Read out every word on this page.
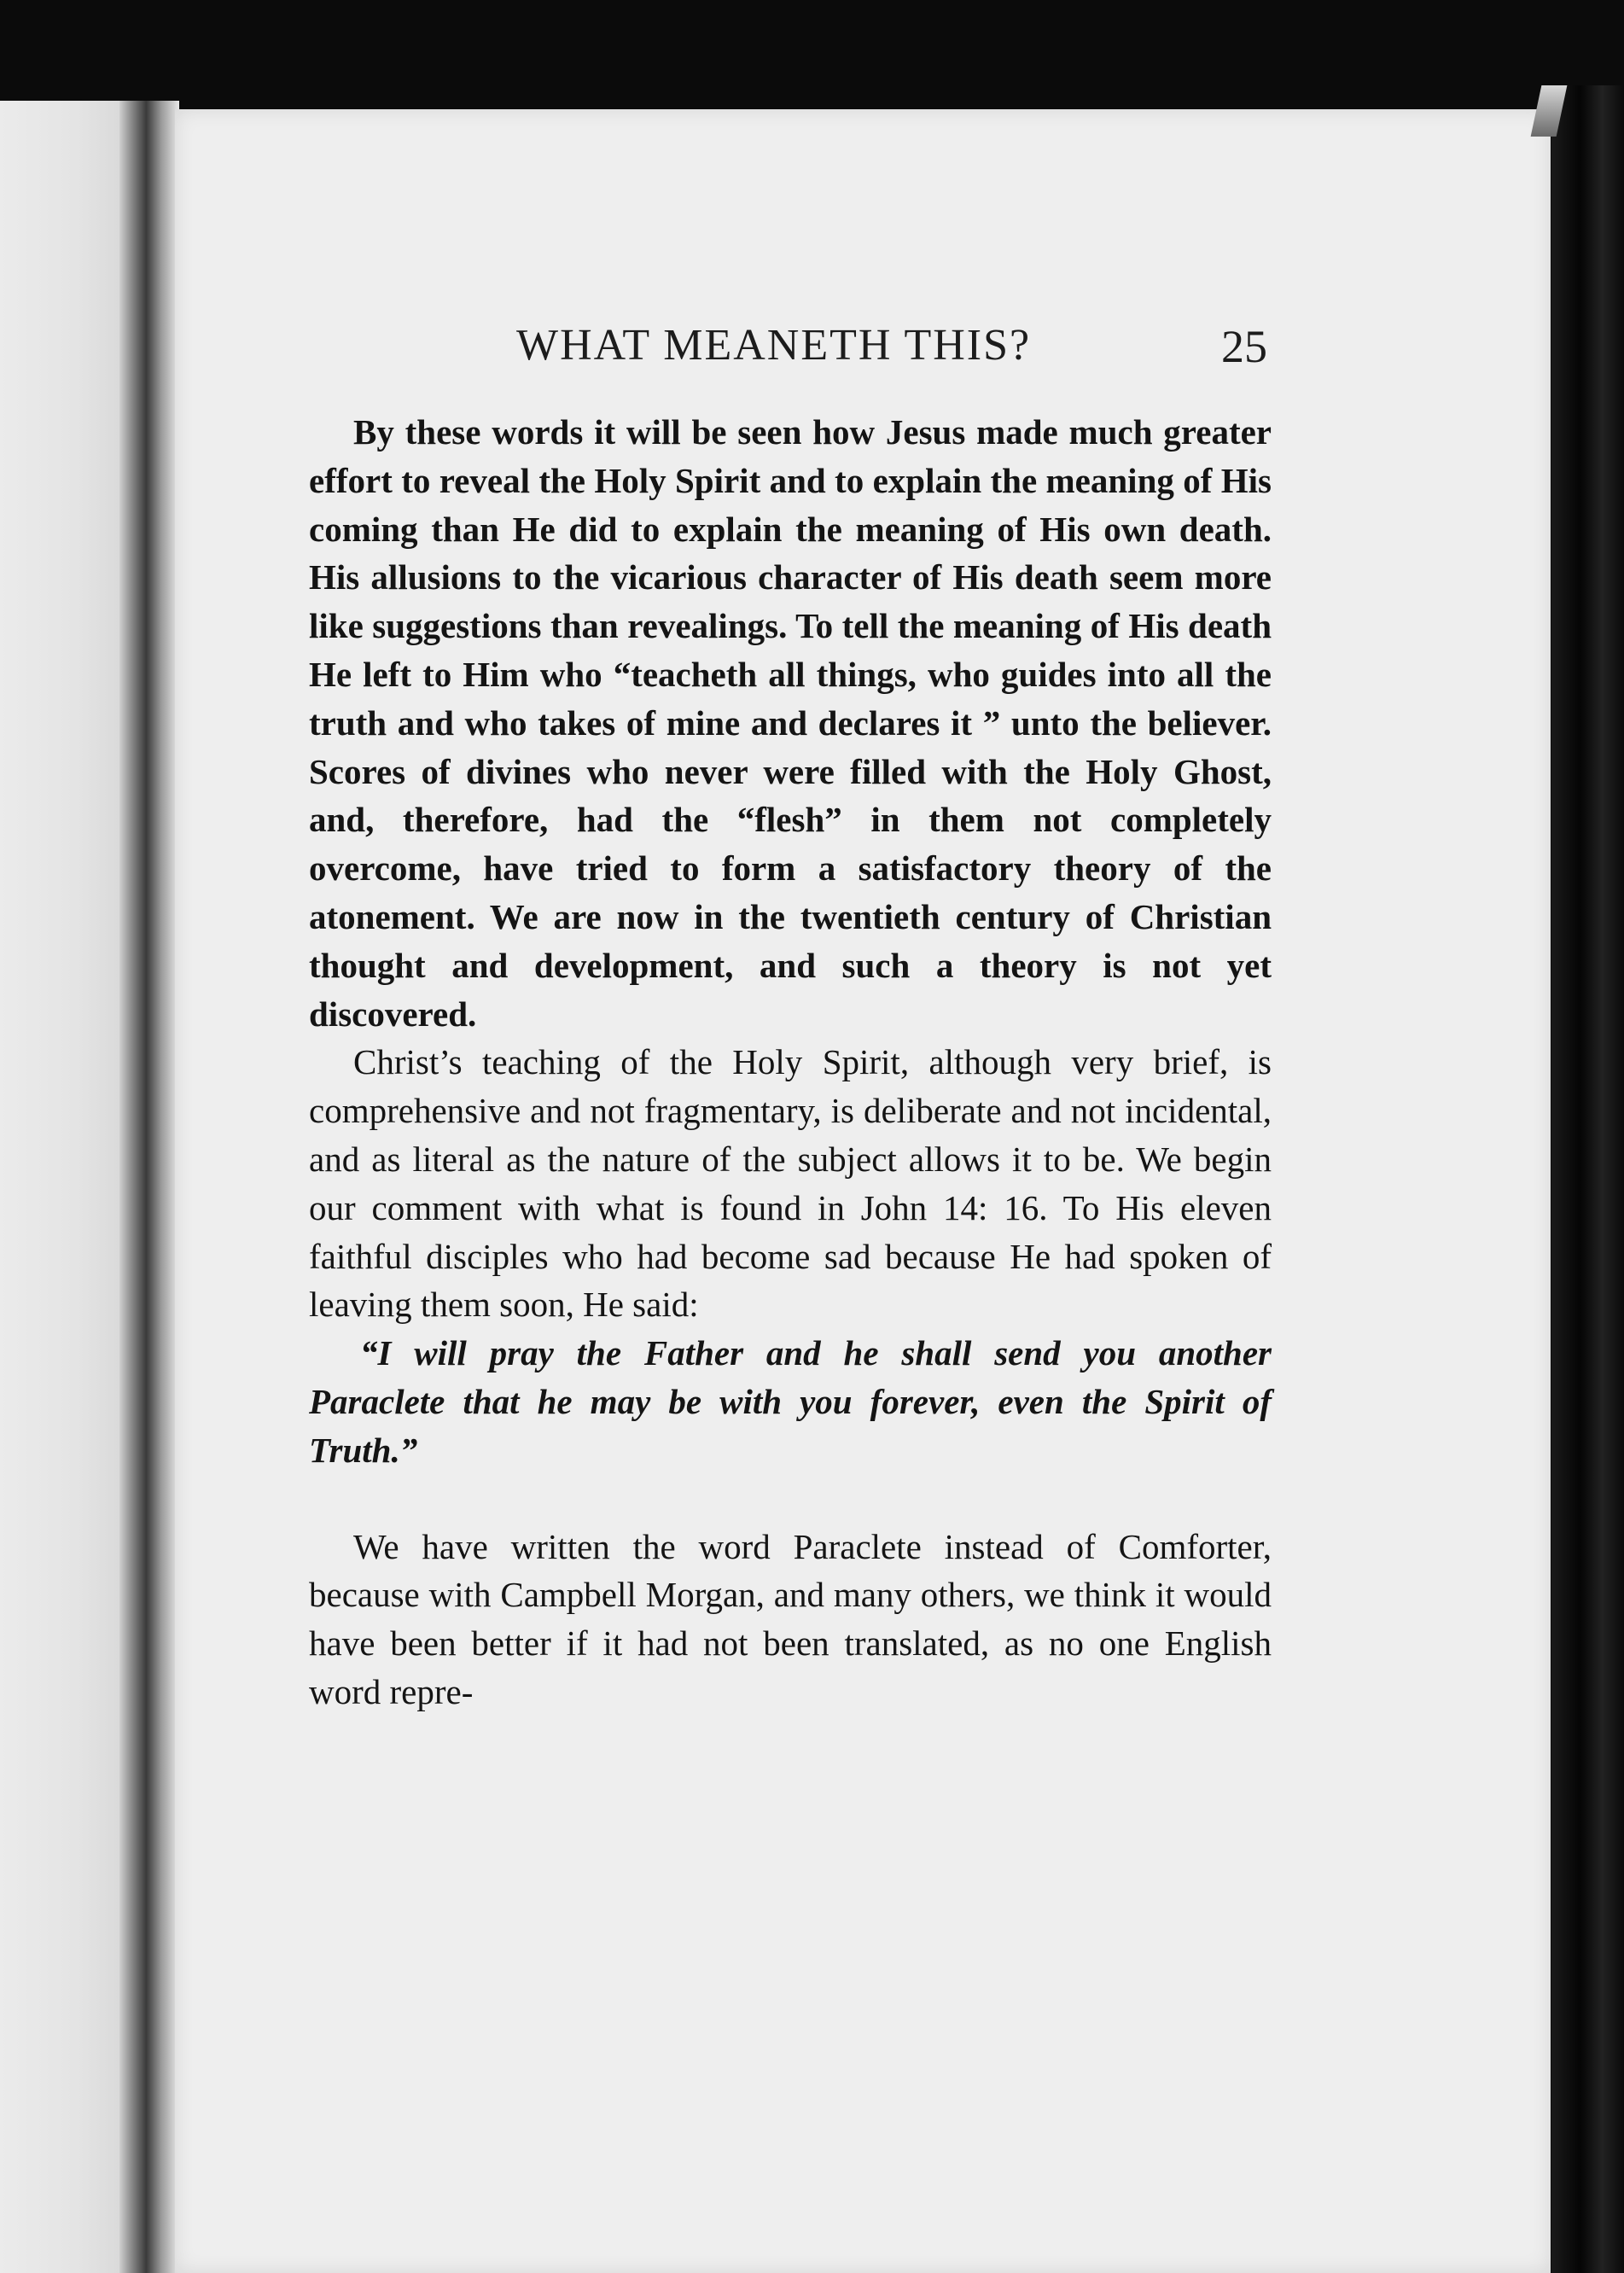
WHAT MEANETH THIS?	25

By these words it will be seen how Jesus made much greater effort to reveal the Holy Spirit and to explain the meaning of His coming than He did to explain the meaning of His own death. His allusions to the vicarious character of His death seem more like suggestions than revealings. To tell the meaning of His death He left to Him who “teacheth all things, who guides into all the truth and who takes of mine and declares it ” unto the believer. Scores of divines who never were filled with the Holy Ghost, and, therefore, had the “flesh” in them not completely overcome, have tried to form a satisfactory theory of the atonement. We are now in the twentieth century of Christian thought and development, and such a theory is not yet discovered.

Christ’s teaching of the Holy Spirit, although very brief, is comprehensive and not fragmentary, is deliberate and not incidental, and as literal as the nature of the subject allows it to be. We begin our comment with what is found in John 14: 16. To His eleven faithful disciples who had become sad because He had spoken of leaving them soon, He said:

“I will pray the Father and he shall send you another Paraclete that he may be with you forever, even the Spirit of Truth.”

We have written the word Paraclete instead of Comforter, because with Campbell Morgan, and many others, we think it would have been better if it had not been translated, as no one English word repre-
